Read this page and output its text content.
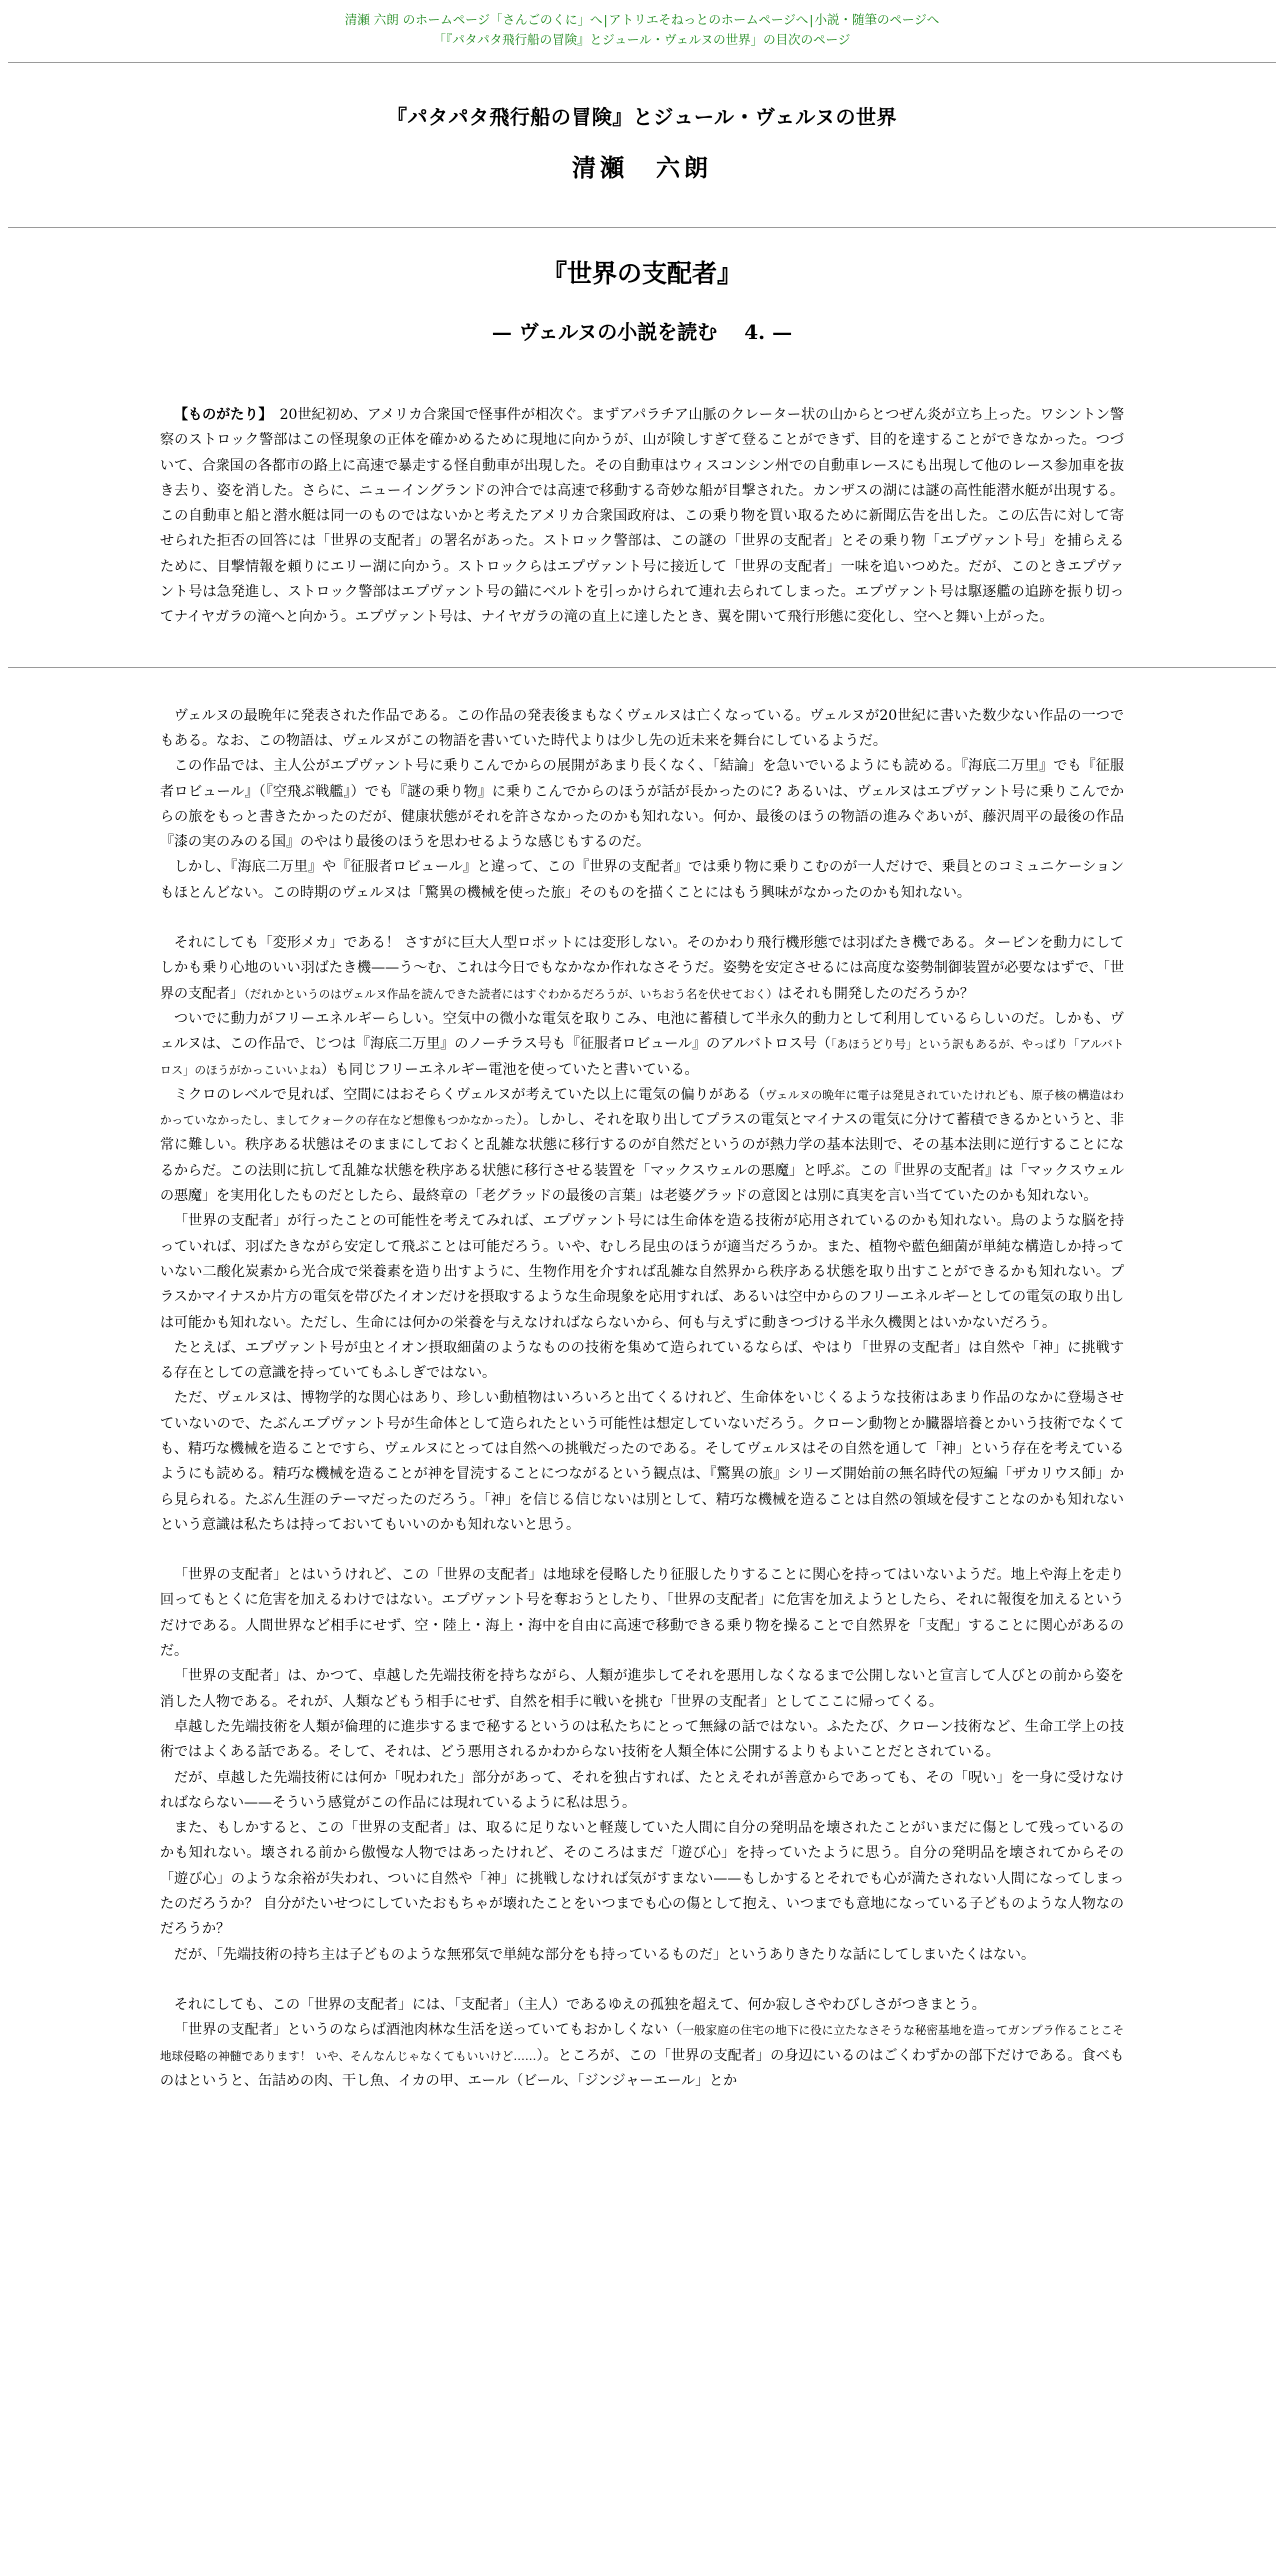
清瀬 六朗 のホームページ「さんごのくに」へ|アトリエそねっとのホームページへ|小説・随筆のページへ
「『パタパタ飛行船の冒険』とジュール・ヴェルヌの世界」の目次のページ
『パタパタ飛行船の冒険』とジュール・ヴェルヌの世界
清瀬　六朗
『世界の支配者』
— ヴェルヌの小説を読む　 4. —

【ものがたり】　20世紀初め、アメリカ合衆国で怪事件が相次ぐ。まずアパラチア山脈のクレーター状の山からとつぜん炎が立ち上った。ワシントン警察のストロック警部はこの怪現象の正体を確かめるために現地に向かうが、山が険しすぎて登ることができず、目的を達することができなかった。つづいて、合衆国の各都市の路上に高速で暴走する怪自動車が出現した。その自動車はウィスコンシン州での自動車レースにも出現して他のレース参加車を抜き去り、姿を消した。さらに、ニューイングランドの沖合では高速で移動する奇妙な船が目撃された。カンザスの湖には謎の高性能潜水艇が出現する。この自動車と船と潜水艇は同一のものではないかと考えたアメリカ合衆国政府は、この乗り物を買い取るために新聞広告を出した。この広告に対して寄せられた拒否の回答には「世界の支配者」の署名があった。ストロック警部は、この謎の「世界の支配者」とその乗り物「エプヴァント号」を捕らえるために、目撃情報を頼りにエリー湖に向かう。ストロックらはエプヴァント号に接近して「世界の支配者」一味を追いつめた。だが、このときエプヴァント号は急発進し、ストロック警部はエプヴァント号の錨にベルトを引っかけられて連れ去られてしまった。エプヴァント号は駆逐艦の追跡を振り切ってナイヤガラの滝へと向かう。エプヴァント号は、ナイヤガラの滝の直上に達したとき、翼を開いて飛行形態に変化し、空へと舞い上がった。

ヴェルヌの最晩年に発表された作品である。この作品の発表後まもなくヴェルヌは亡くなっている。ヴェルヌが20世紀に書いた数少ない作品の一つでもある。なお、この物語は、ヴェルヌがこの物語を書いていた時代よりは少し先の近未来を舞台にしているようだ。

この作品では、主人公がエプヴァント号に乗りこんでからの展開があまり長くなく、「結論」を急いでいるようにも読める。『海底二万里』でも『征服者ロビュール』（『空飛ぶ戦艦』）でも『謎の乗り物』に乗りこんでからのほうが話が長かったのに? あるいは、ヴェルヌはエプヴァント号に乗りこんでからの旅をもっと書きたかったのだが、健康状態がそれを許さなかったのかも知れない。何か、最後のほうの物語の進みぐあいが、藤沢周平の最後の作品『漆の実のみのる国』のやはり最後のほうを思わせるような感じもするのだ。

しかし、『海底二万里』や『征服者ロビュール』と違って、この『世界の支配者』では乗り物に乗りこむのが一人だけで、乗員とのコミュニケーションもほとんどない。この時期のヴェルヌは「驚異の機械を使った旅」そのものを描くことにはもう興味がなかったのかも知れない。

それにしても「変形メカ」である！ さすがに巨大人型ロボットには変形しない。そのかわり飛行機形態では羽ばたき機である。タービンを動力にしてしかも乗り心地のいい羽ばたき機——う～む、これは今日でもなかなか作れなさそうだ。姿勢を安定させるには高度な姿勢制御装置が必要なはずで、「世界の支配者」（だれかというのはヴェルヌ作品を読んできた読者にはすぐわかるだろうが、いちおう名を伏せておく）はそれも開発したのだろうか？

ついでに動力がフリーエネルギーらしい。空気中の微小な電気を取りこみ、电池に蓄積して半永久的動力として利用しているらしいのだ。しかも、ヴェルヌは、この作品で、じつは『海底二万里』のノーチラス号も『征服者ロビュール』のアルバトロス号（「あほうどり号」という訳もあるが、やっぱり「アルバトロス」のほうがかっこいいよね）も同じフリーエネルギー電池を使っていたと書いている。

ミクロのレベルで見れば、空間にはおそらくヴェルヌが考えていた以上に電気の偏りがある（ヴェルヌの晩年に電子は発見されていたけれども、原子核の構造はわかっていなかったし、ましてクォークの存在など想像もつかなかった）。しかし、それを取り出してプラスの電気とマイナスの電気に分けて蓄積できるかというと、非常に難しい。秩序ある状態はそのままにしておくと乱雑な状態に移行するのが自然だというのが熱力学の基本法則で、その基本法則に逆行することになるからだ。この法則に抗して乱雑な状態を秩序ある状態に移行させる装置を「マックスウェルの悪魔」と呼ぶ。この『世界の支配者』は「マックスウェルの悪魔」を実用化したものだとしたら、最終章の「老グラッドの最後の言葉」は老婆グラッドの意図とは別に真実を言い当てていたのかも知れない。

「世界の支配者」が行ったことの可能性を考えてみれば、エプヴァント号には生命体を造る技術が応用されているのかも知れない。鳥のような脳を持っていれば、羽ばたきながら安定して飛ぶことは可能だろう。いや、むしろ昆虫のほうが適当だろうか。また、植物や藍色細菌が単純な構造しか持っていない二酸化炭素から光合成で栄養素を造り出すように、生物作用を介すれば乱雑な自然界から秩序ある状態を取り出すことができるかも知れない。プラスかマイナスか片方の電気を帯びたイオンだけを摂取するような生命現象を応用すれば、あるいは空中からのフリーエネルギーとしての電気の取り出しは可能かも知れない。ただし、生命には何かの栄養を与えなければならないから、何も与えずに動きつづける半永久機関とはいかないだろう。

たとえば、エプヴァント号が虫とイオン摂取細菌のようなものの技術を集めて造られているならば、やはり「世界の支配者」は自然や「神」に挑戦する存在としての意識を持っていてもふしぎではない。

ただ、ヴェルヌは、博物学的な関心はあり、珍しい動植物はいろいろと出てくるけれど、生命体をいじくるような技術はあまり作品のなかに登場させていないので、たぶんエプヴァント号が生命体として造られたという可能性は想定していないだろう。クローン動物とか臓器培養とかいう技術でなくても、精巧な機械を造ることですら、ヴェルヌにとっては自然への挑戦だったのである。そしてヴェルヌはその自然を通して「神」という存在を考えているようにも読める。精巧な機械を造ることが神を冒涜することにつながるという観点は、『驚異の旅』シリーズ開始前の無名時代の短編「ザカリウス師」から見られる。たぶん生涯のテーマだったのだろう。「神」を信じる信じないは別として、精巧な機械を造ることは自然の領域を侵すことなのかも知れないという意識は私たちは持っておいてもいいのかも知れないと思う。

「世界の支配者」とはいうけれど、この「世界の支配者」は地球を侵略したり征服したりすることに関心を持ってはいないようだ。地上や海上を走り回ってもとくに危害を加えるわけではない。エプヴァント号を奪おうとしたり、「世界の支配者」に危害を加えようとしたら、それに報復を加えるというだけである。人間世界など相手にせず、空・陸上・海上・海中を自由に高速で移動できる乗り物を操ることで自然界を「支配」することに関心があるのだ。

「世界の支配者」は、かつて、卓越した先端技術を持ちながら、人類が進歩してそれを悪用しなくなるまで公開しないと宣言して人びとの前から姿を消した人物である。それが、人類などもう相手にせず、自然を相手に戦いを挑む「世界の支配者」としてここに帰ってくる。

卓越した先端技術を人類が倫理的に進歩するまで秘するというのは私たちにとって無縁の話ではない。ふたたび、クローン技術など、生命工学上の技術ではよくある話である。そして、それは、どう悪用されるかわからない技術を人類全体に公開するよりもよいことだとされている。

だが、卓越した先端技術には何か「呪われた」部分があって、それを独占すれば、たとえそれが善意からであっても、その「呪い」を一身に受けなければならない——そういう感覚がこの作品には現れているように私は思う。

また、もしかすると、この「世界の支配者」は、取るに足りないと軽蔑していた人間に自分の発明品を壊されたことがいまだに傷として残っているのかも知れない。壊される前から傲慢な人物ではあったけれど、そのころはまだ「遊び心」を持っていたように思う。自分の発明品を壊されてからその「遊び心」のような余裕が失われ、ついに自然や「神」に挑戦しなければ気がすまない——もしかするとそれでも心が満たされない人間になってしまったのだろうか？ 自分がたいせつにしていたおもちゃが壊れたことをいつまでも心の傷として抱え、いつまでも意地になっている子どものような人物なのだろうか？

だが、「先端技術の持ち主は子どものような無邪気で単純な部分をも持っているものだ」というありきたりな話にしてしまいたくはない。

それにしても、この「世界の支配者」には、「支配者」（主人）であるゆえの孤独を超えて、何か寂しさやわびしさがつきまとう。

「世界の支配者」というのならば酒池肉林な生活を送っていてもおかしくない（一般家庭の住宅の地下に役に立たなさそうな秘密基地を造ってガンプラ作ることこそ地球侵略の神髄であります！ いや、そんなんじゃなくてもいいけど……）。ところが、この「世界の支配者」の身辺にいるのはごくわずかの部下だけである。食べものはというと、缶詰めの肉、干し魚、イカの甲、エール（ビール、「ジンジャーエール」とか
